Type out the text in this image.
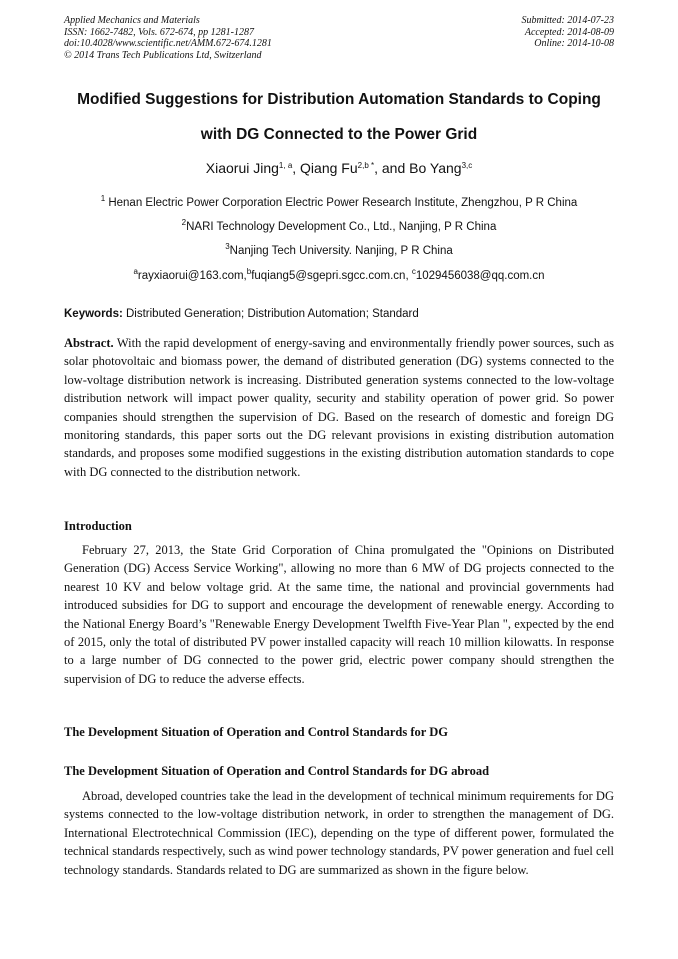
Applied Mechanics and Materials
ISSN: 1662-7482, Vols. 672-674, pp 1281-1287
doi:10.4028/www.scientific.net/AMM.672-674.1281
© 2014 Trans Tech Publications Ltd, Switzerland
Submitted: 2014-07-23
Accepted: 2014-08-09
Online: 2014-10-08
Modified Suggestions for Distribution Automation Standards to Coping
with DG Connected to the Power Grid
Xiaorui Jing$^{1, a}$, Qiang $Fu^{2,b *}$, and Bo Yang$^{3,c}$
$^1$ Henan Electric Power Corporation Electric Power Research Institute, Zhengzhou, P R China
$^2$NARI Technology Development Co., Ltd., Nanjing, P R China
$^3$Nanjing Tech University. Nanjing, P R China
$^a$rayxiaorui@163.com,$^b$fuqiang5@sgepri.sgcc.com.cn, $^c$1029456038@qq.com.cn
Keywords: Distributed Generation; Distribution Automation; Standard
Abstract. With the rapid development of energy-saving and environmentally friendly power sources, such as solar photovoltaic and biomass power, the demand of distributed generation (DG) systems connected to the low-voltage distribution network is increasing. Distributed generation systems connected to the low-voltage distribution network will impact power quality, security and stability operation of power grid. So power companies should strengthen the supervision of DG. Based on the research of domestic and foreign DG monitoring standards, this paper sorts out the DG relevant provisions in existing distribution automation standards, and proposes some modified suggestions in the existing distribution automation standards to cope with DG connected to the distribution network.
Introduction
February 27, 2013, the State Grid Corporation of China promulgated the "Opinions on Distributed Generation (DG) Access Service Working", allowing no more than 6 MW of DG projects connected to the nearest 10 KV and below voltage grid. At the same time, the national and provincial governments had introduced subsidies for DG to support and encourage the development of renewable energy. According to the National Energy Board’s "Renewable Energy Development Twelfth Five-Year Plan ", expected by the end of 2015, only the total of distributed PV power installed capacity will reach 10 million kilowatts. In response to a large number of DG connected to the power grid, electric power company should strengthen the supervision of DG to reduce the adverse effects.
The Development Situation of Operation and Control Standards for DG
The Development Situation of Operation and Control Standards for DG abroad
Abroad, developed countries take the lead in the development of technical minimum requirements for DG systems connected to the low-voltage distribution network, in order to strengthen the management of DG. International Electrotechnical Commission (IEC), depending on the type of different power, formulated the technical standards respectively, such as wind power technology standards, PV power generation and fuel cell technology standards. Standards related to DG are summarized as shown in the figure below.
